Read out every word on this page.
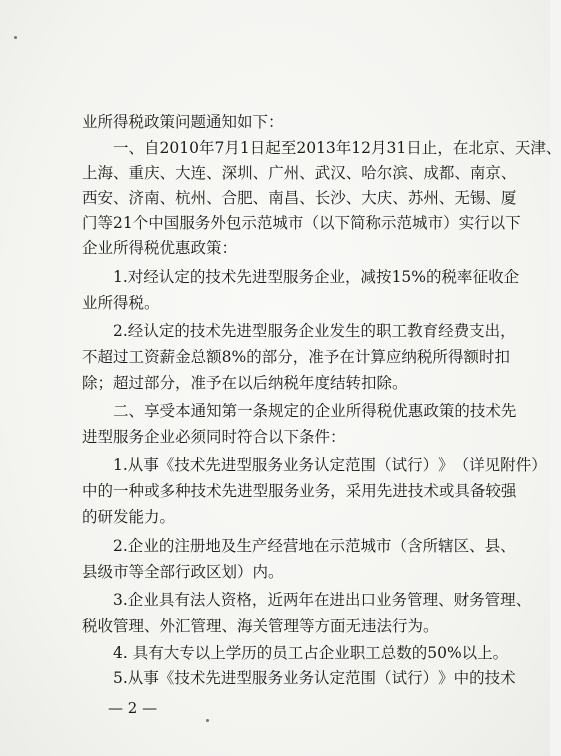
业所得税政策问题通知如下：
一 、 自 2010 年 7 月 1 日 起 至 2013 年 12 月 31 日 止 ， 在 北 京 、 天 津 、
上 海 、 重 庆 、 大 连 、 深 圳 、 广 州 、 武 汉 、 哈 尔 滨 、 成 都 、 南 京 、
西 安 、 济 南 、 杭 州 、 合 肥 、 南 昌 、 长 沙 、 大 庆 、 苏 州 、 无 锡 、 厦
门 等 21 个 中 国 服 务 外 包 示 范 城 市 （ 以 下 简 称 示 范 城 市 ） 实 行 以 下
企业所得税优惠政策：
1. 对 经 认 定 的 技 术 先 进 型 服 务 企 业 ， 减 按 15% 的 税 率 征 收 企
业所得税。
2. 经 认 定 的 技 术 先 进 型 服 务 企 业 发 生 的 职 工 教 育 经 费 支 出 ，
不 超 过 工 资 薪 金 总 额 8% 的 部 分 ， 准 予 在 计 算 应 纳 税 所 得 额 时 扣
除；超过部分，准予在以后纳税年度结转扣除。
二 、 享 受 本 通 知 第 一 条 规 定 的 企 业 所 得 税 优 惠 政 策 的 技 术 先
进型服务企业必须同时符合以下条件：
1. 从 事 《 技 术 先 进 型 服 务 业 务 认 定 范 围 （ 试 行 ） 》 （ 详 见 附 件 ）
中 的 一 种 或 多 种 技 术 先 进 型 服 务 业 务 ， 采 用 先 进 技 术 或 具 备 较 强
的研发能力。
2. 企 业 的 注 册 地 及 生 产 经 营 地 在 示 范 城 市 （ 含 所 辖 区 、 县 、
县级市等全部行政区划）内。
3. 企 业 具 有 法 人 资 格 ， 近 两 年 在 进 出 口 业 务 管 理 、 财 务 管 理 、
税收管理、外汇管理、海关管理等方面无违法行为。
4. 具有大专以上学历的员工占企业职工总数的50%以上。
5. 从 事 《 技 术 先 进 型 服 务 业 务 认 定 范 围 （ 试 行 ） 》 中 的 技 术
— 2 —
